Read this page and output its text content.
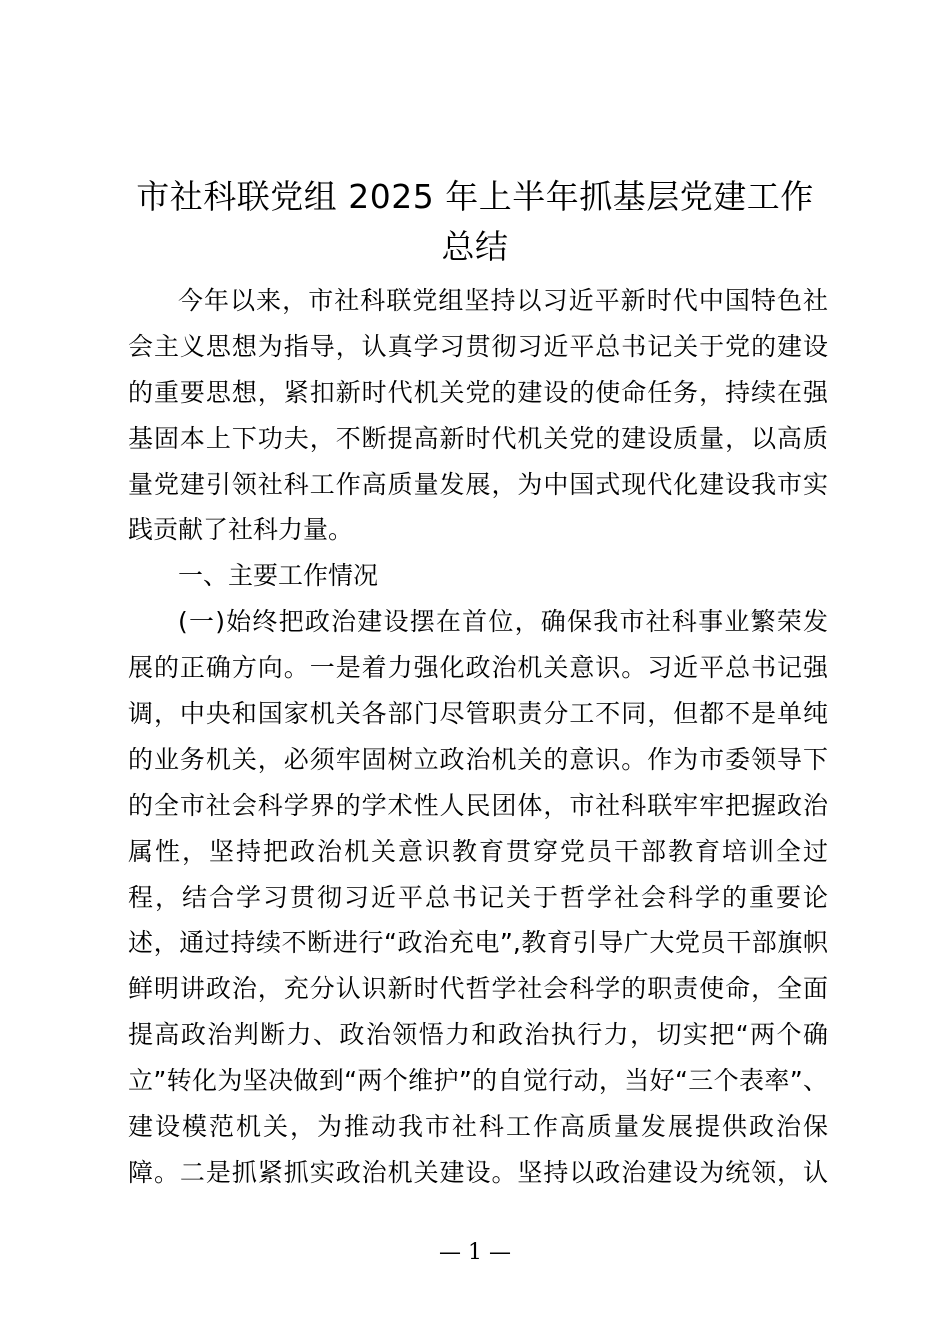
市社科联党组 2025 年上半年抓基层党建工作
总结
今年以来，市社科联党组坚持以习近平新时代中国特色社
会主义思想为指导，认真学习贯彻习近平总书记关于党的建设
的重要思想，紧扣新时代机关党的建设的使命任务，持续在强
基固本上下功夫，不断提高新时代机关党的建设质量，以高质
量党建引领社科工作高质量发展，为中国式现代化建设我市实
践贡献了社科力量。
一、主要工作情况
(一)始终把政治建设摆在首位，确保我市社科事业繁荣发
展的正确方向。一是着力强化政治机关意识。习近平总书记强
调，中央和国家机关各部门尽管职责分工不同，但都不是单纯
的业务机关，必须牢固树立政治机关的意识。作为市委领导下
的全市社会科学界的学术性人民团体，市社科联牢牢把握政治
属性，坚持把政治机关意识教育贯穿党员干部教育培训全过
程，结合学习贯彻习近平总书记关于哲学社会科学的重要论
述，通过持续不断进行“政治充电”,教育引导广大党员干部旗帜
鲜明讲政治，充分认识新时代哲学社会科学的职责使命，全面
提高政治判断力、政治领悟力和政治执行力，切实把“两个确
立”转化为坚决做到“两个维护”的自觉行动，当好“三个表率”、
建设模范机关，为推动我市社科工作高质量发展提供政治保
障。二是抓紧抓实政治机关建设。坚持以政治建设为统领，认
— 1 —
